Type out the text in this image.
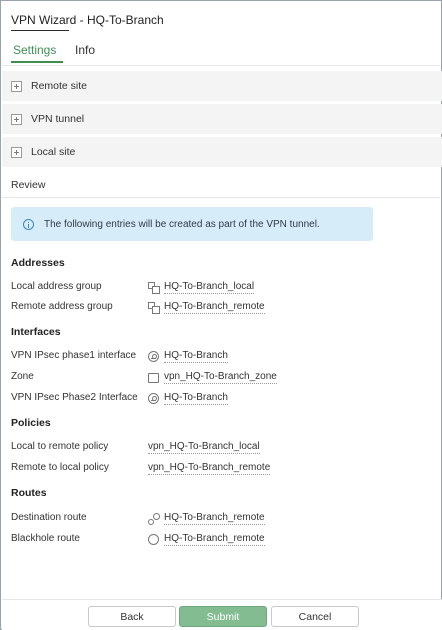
VPN Wizard - HQ-To-Branch
Settings Info
Remote site
VPN tunnel
Local site
Review
The following entries will be created as part of the VPN tunnel.
Addresses
Local address group	HQ-To-Branch_local
Remote address group	HQ-To-Branch_remote
Interfaces
VPN IPsec phase1 interface	HQ-To-Branch
Zone	vpn_HQ-To-Branch_zone
VPN IPsec Phase2 Interface	HQ-To-Branch
Policies
Local to remote policy	vpn_HQ-To-Branch_local
Remote to local policy	vpn_HQ-To-Branch_remote
Routes
Destination route	HQ-To-Branch_remote
Blackhole route	HQ-To-Branch_remote
Back	Submit	Cancel
